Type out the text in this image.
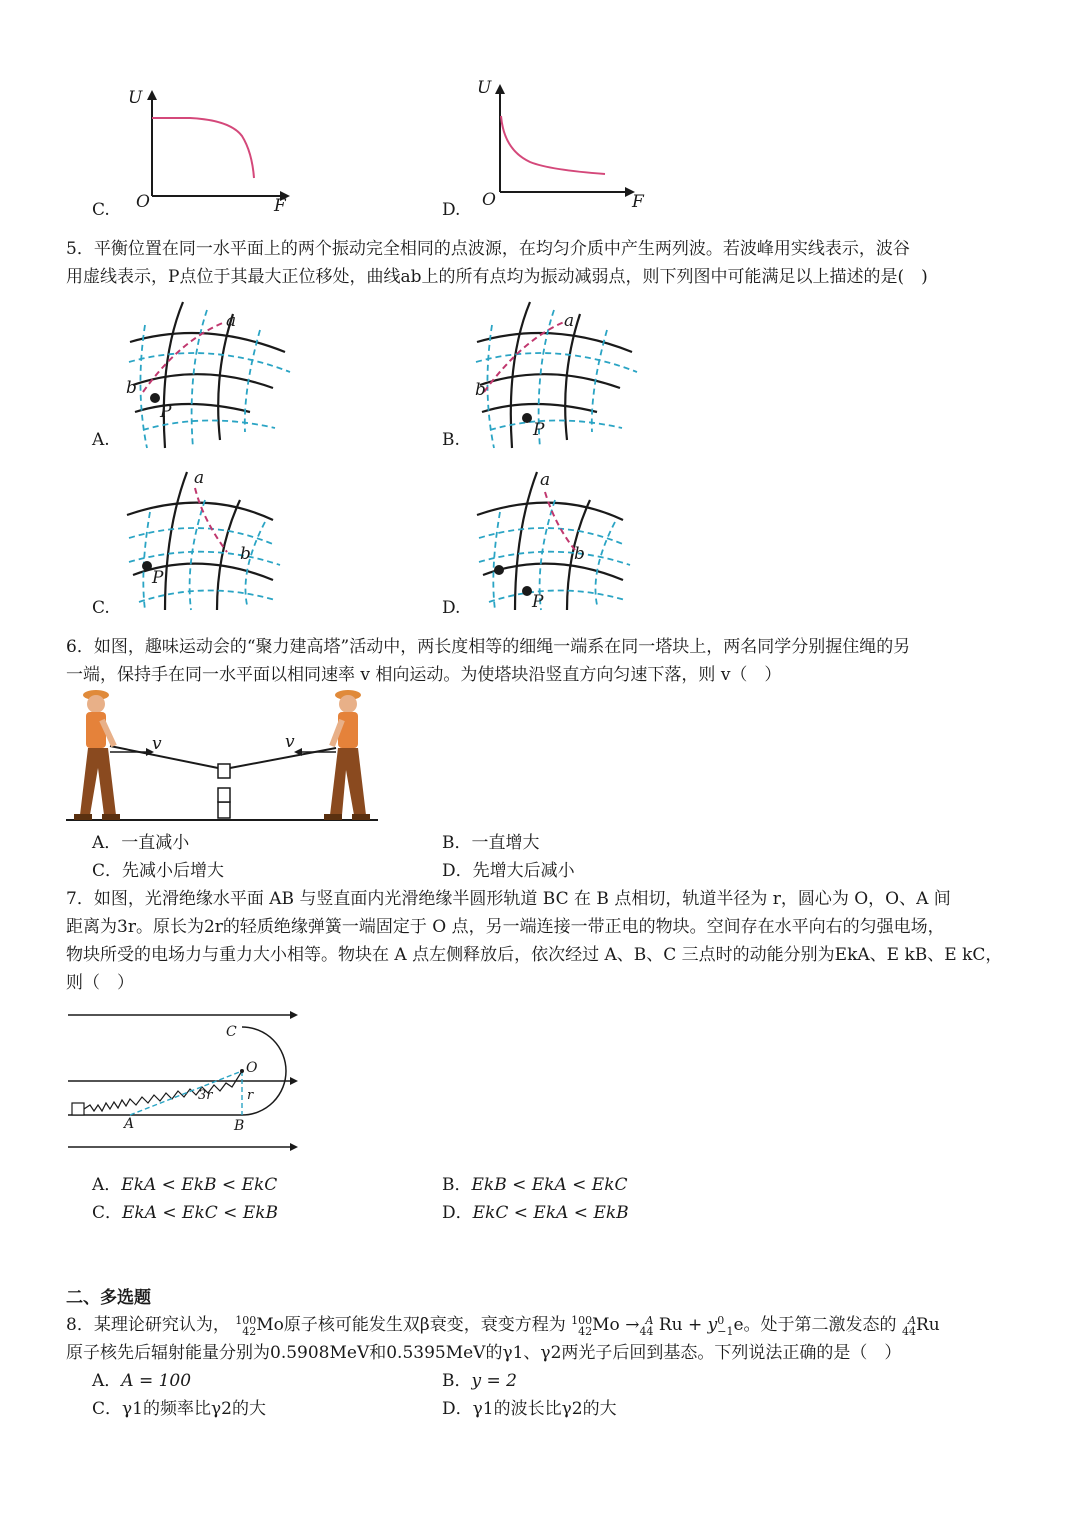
C.
U
O	F	D.
U
O	F
5．平衡位置在同一水平面上的两个振动完全相同的点波源，在均匀介质中产生两列波。若波峰用实线表示，波谷
用虚线表示，P点位于其最大正位移处，曲线ab上的所有点均为振动减弱点，则下列图中可能满足以上描述的是(　)
A.
a
b
P
B.
a
b
P
C.
a
b
P
D.
a
b
P
6．如图，趣味运动会的“聚力建高塔”活动中，两长度相等的细绳一端系在同一塔块上，两名同学分别握住绳的另
一端，保持手在同一水平面以相同速率 v 相向运动。为使塔块沿竖直方向匀速下落，则 v（　）
v	v
A．一直减小	B．一直增大
C．先减小后增大	D．先增大后减小
7．如图，光滑绝缘水平面 AB 与竖直面内光滑绝缘半圆形轨道 BC 在 B 点相切，轨道半径为 r，圆心为 O，O、A 间
距离为3r。原长为2r的轻质绝缘弹簧一端固定于 O 点，另一端连接一带正电的物块。空间存在水平向右的匀强电场，
物块所受的电场力与重力大小相等。物块在 A 点左侧释放后，依次经过 A、B、C 三点时的动能分别为EkA、E kB、E kC，
则（　）
C
O
3r	r
A	B
A．EkA < EkB < EkC	B．EkB < EkA < EkC
C．EkA < EkC < EkB	D．EkC < EkA < EkB
二、多选题
8．某理论研究认为， 100
42Mo原子核可能发生双β衰变，衰变方程为 100
42Mo → A
44 Ru + y0
−1e。处于第二激发态的 A
44Ru
原子核先后辐射能量分别为0.5908MeV和0.5395MeV的γ1、γ2两光子后回到基态。下列说法正确的是（　）
A．A = 100	B．y = 2
C．γ1的频率比γ2的大	D．γ1的波长比γ2的大
